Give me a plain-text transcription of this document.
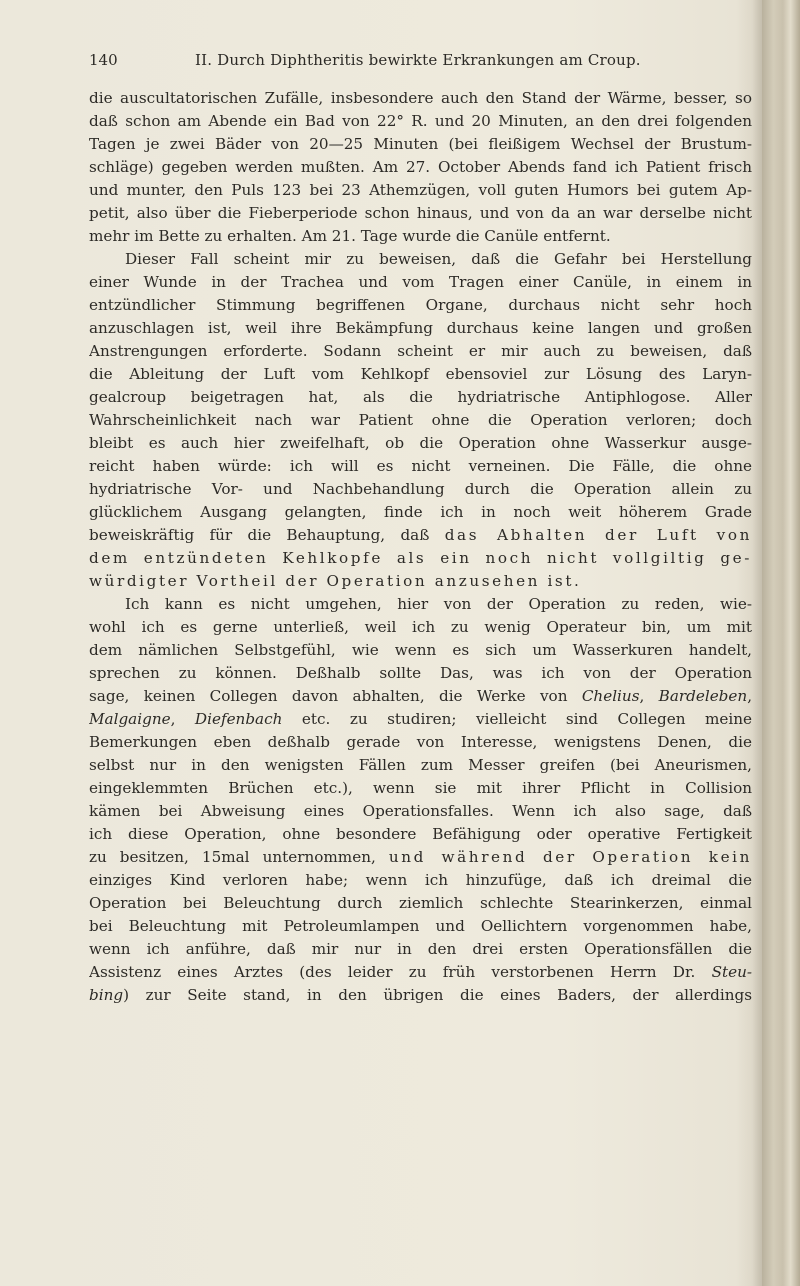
140	II. Durch Diphtheritis bewirkte Erkrankungen am Croup.
die auscultatorischen Zufälle, insbesondere auch den Stand der Wärme, besser, so
daß schon am Abende ein Bad von 22° R. und 20 Minuten, an den drei folgenden
Tagen je zwei Bäder von 20—25 Minuten (bei fleißigem Wechsel der Brustum-
schläge) gegeben werden mußten. Am 27. October Abends fand ich Patient frisch
und munter, den Puls 123 bei 23 Athemzügen, voll guten Humors bei gutem Ap-
petit, also über die Fieberperiode schon hinaus, und von da an war derselbe nicht
mehr im Bette zu erhalten. Am 21. Tage wurde die Canüle entfernt.
Dieser Fall scheint mir zu beweisen, daß die Gefahr bei Herstellung
einer Wunde in der Trachea und vom Tragen einer Canüle, in einem in
entzündlicher Stimmung begriffenen Organe, durchaus nicht sehr hoch
anzuschlagen ist, weil ihre Bekämpfung durchaus keine langen und großen
Anstrengungen erforderte. Sodann scheint er mir auch zu beweisen, daß
die Ableitung der Luft vom Kehlkopf ebensoviel zur Lösung des Laryn-
gealcroup beigetragen hat, als die hydriatrische Antiphlogose. Aller
Wahrscheinlichkeit nach war Patient ohne die Operation verloren; doch
bleibt es auch hier zweifelhaft, ob die Operation ohne Wasserkur ausge-
reicht haben würde: ich will es nicht verneinen. Die Fälle, die ohne
hydriatrische Vor- und Nachbehandlung durch die Operation allein zu
glücklichem Ausgang gelangten, finde ich in noch weit höherem Grade
beweiskräftig für die Behauptung, daß das Abhalten der Luft von
dem entzündeten Kehlkopfe als ein noch nicht vollgiltig ge-
würdigter Vortheil der Operation anzusehen ist.
Ich kann es nicht umgehen, hier von der Operation zu reden, wie-
wohl ich es gerne unterließ, weil ich zu wenig Operateur bin, um mit
dem nämlichen Selbstgefühl, wie wenn es sich um Wasserkuren handelt,
sprechen zu können. Deßhalb sollte Das, was ich von der Operation
sage, keinen Collegen davon abhalten, die Werke von Chelius, Bardeleben,
Malgaigne, Diefenbach etc. zu studiren; vielleicht sind Collegen meine
Bemerkungen eben deßhalb gerade von Interesse, wenigstens Denen, die
selbst nur in den wenigsten Fällen zum Messer greifen (bei Aneurismen,
eingeklemmten Brüchen etc.), wenn sie mit ihrer Pflicht in Collision
kämen bei Abweisung eines Operationsfalles. Wenn ich also sage, daß
ich diese Operation, ohne besondere Befähigung oder operative Fertigkeit
zu besitzen, 15mal unternommen, und während der Operation kein
einziges Kind verloren habe; wenn ich hinzufüge, daß ich dreimal die
Operation bei Beleuchtung durch ziemlich schlechte Stearinkerzen, einmal
bei Beleuchtung mit Petroleumlampen und Oellichtern vorgenommen habe,
wenn ich anführe, daß mir nur in den drei ersten Operationsfällen die
Assistenz eines Arztes (des leider zu früh verstorbenen Herrn Dr. Steu-
bing) zur Seite stand, in den übrigen die eines Baders, der allerdings
